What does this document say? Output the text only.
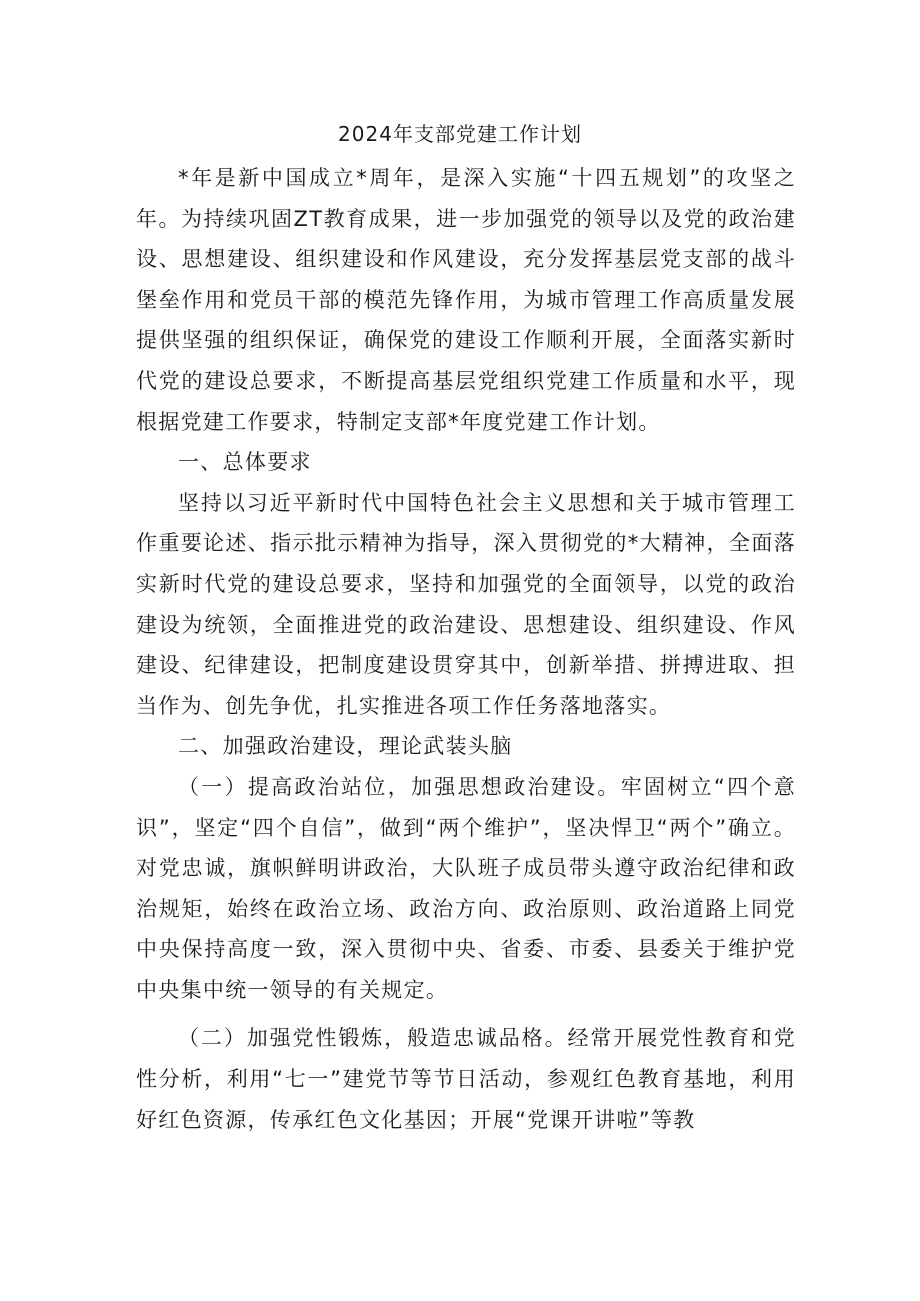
2024年支部党建工作计划

*年是新中国成立*周年，是深入实施“十四五规划”的攻坚之年。为持续巩固ZT教育成果，进一步加强党的领导以及党的政治建设、思想建设、组织建设和作风建设，充分发挥基层党支部的战斗堡垒作用和党员干部的模范先锋作用，为城市管理工作高质量发展提供坚强的组织保证，确保党的建设工作顺利开展，全面落实新时代党的建设总要求，不断提高基层党组织党建工作质量和水平，现根据党建工作要求，特制定支部*年度党建工作计划。

一、总体要求

坚持以习近平新时代中国特色社会主义思想和关于城市管理工作重要论述、指示批示精神为指导，深入贯彻党的*大精神，全面落实新时代党的建设总要求，坚持和加强党的全面领导，以党的政治建设为统领，全面推进党的政治建设、思想建设、组织建设、作风建设、纪律建设，把制度建设贯穿其中，创新举措、拼搏进取、担当作为、创先争优，扎实推进各项工作任务落地落实。

二、加强政治建设，理论武装头脑

（一）提高政治站位，加强思想政治建设。牢固树立“四个意识”，坚定“四个自信”，做到“两个维护”，坚决悍卫“两个”确立。对党忠诚，旗帜鲜明讲政治，大队班子成员带头遵守政治纪律和政治规矩，始终在政治立场、政治方向、政治原则、政治道路上同党中央保持高度一致，深入贯彻中央、省委、市委、县委关于维护党中央集中统一领导的有关规定。

（二）加强党性锻炼，般造忠诚品格。经常开展党性教育和党性分析，利用“七一”建党节等节日活动，参观红色教育基地，利用好红色资源，传承红色文化基因；开展“党课开讲啦”等教
